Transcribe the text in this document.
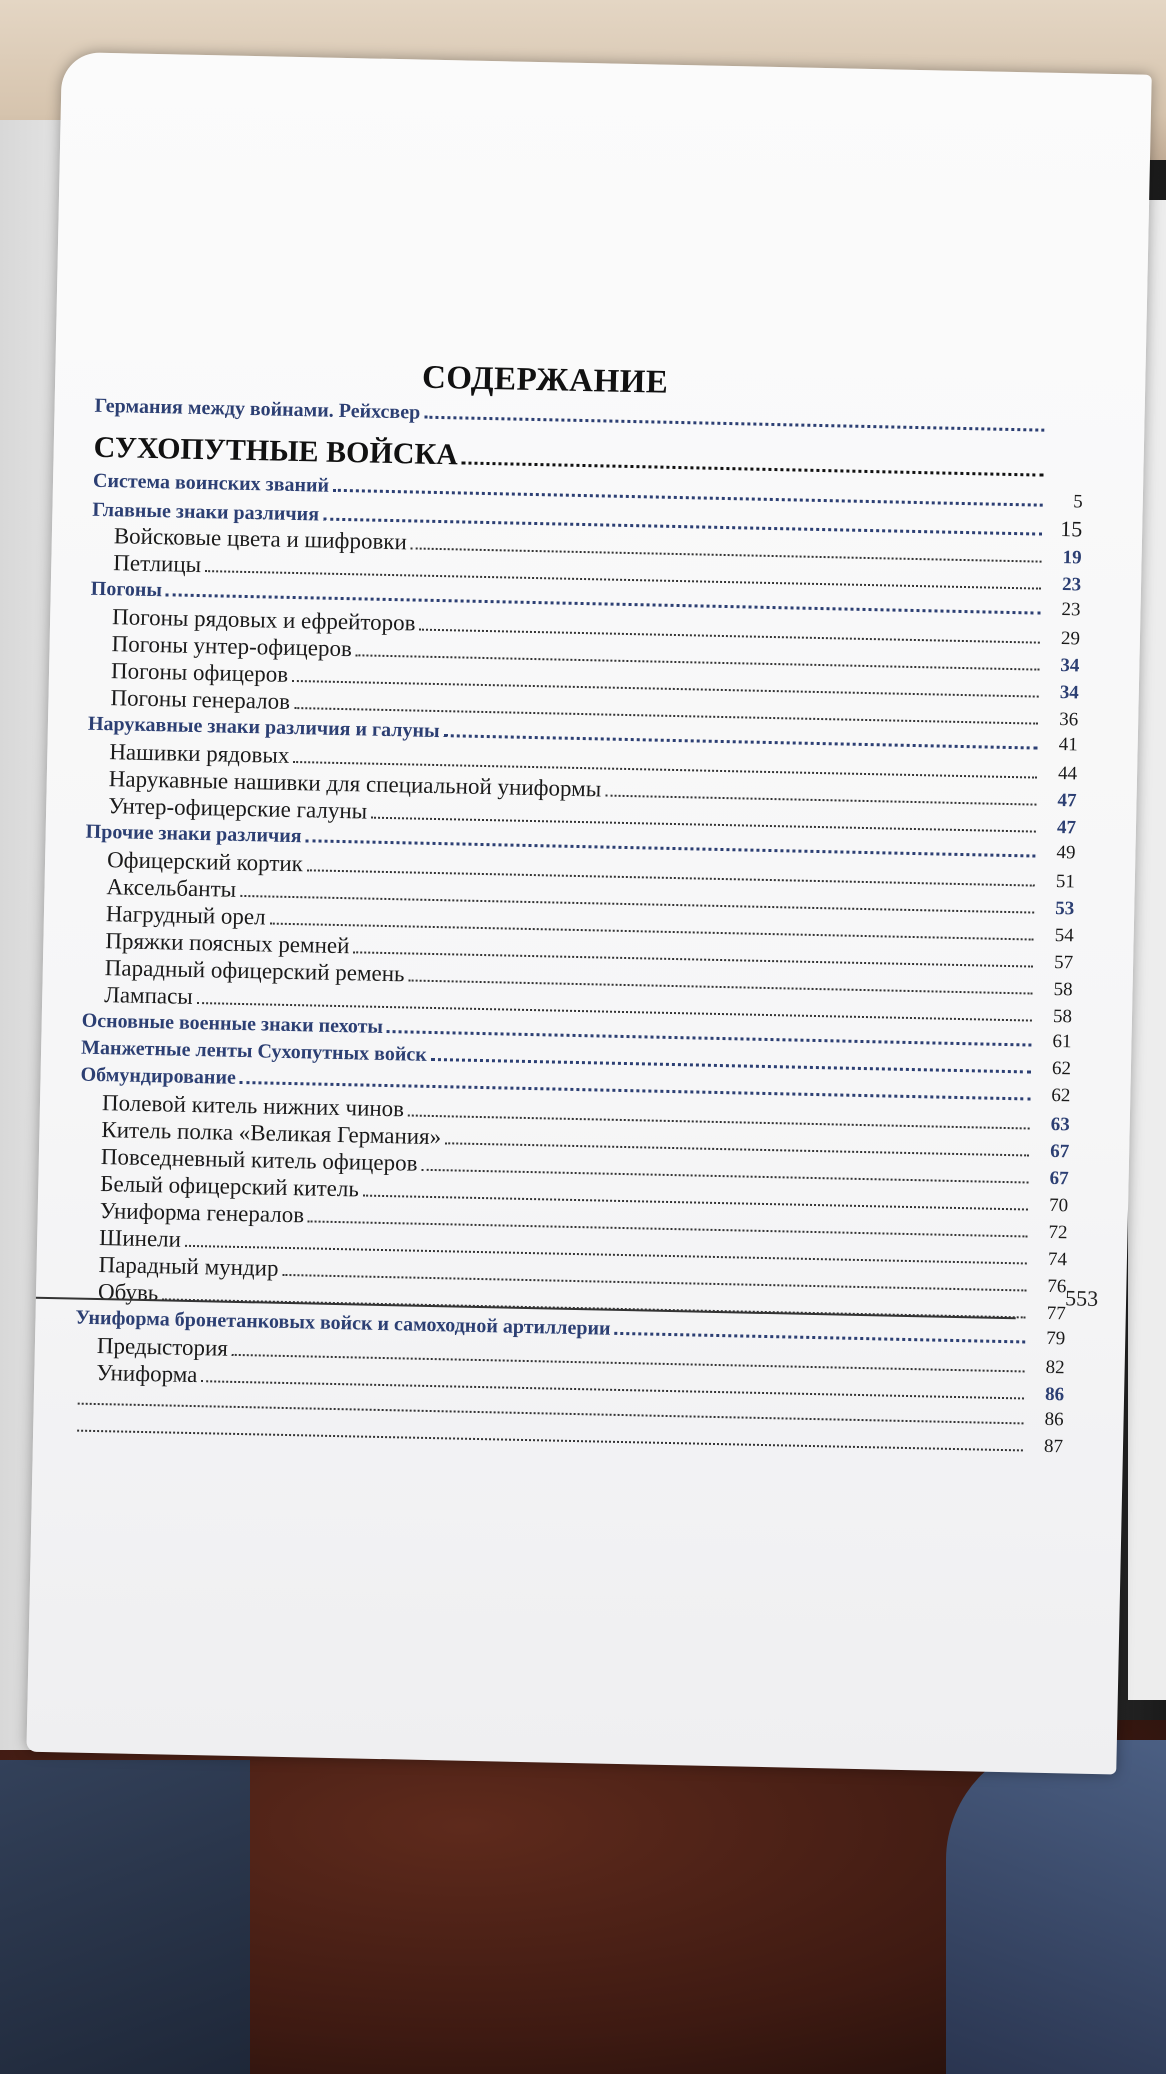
СОДЕРЖАНИЕ
Германия между войнами. Рейхсвер
СУХОПУТНЫЕ ВОЙСКА
Система воинских званий
5
Главные знаки различия
15
Войсковые цвета и шифровки
19
Петлицы
23
Погоны
23
Погоны рядовых и ефрейторов
29
Погоны унтер-офицеров
34
Погоны офицеров
34
Погоны генералов
36
Нарукавные знаки различия и галуны
41
Нашивки рядовых
44
Нарукавные нашивки для специальной униформы	47
Унтер-офицерские галуны
47
Прочие знаки различия
49
Офицерский кортик
51
Аксельбанты
53
Нагрудный орел
54
Пряжки поясных ремней
57
Парадный офицерский ремень
58
Лампасы
58
Основные военные знаки пехоты
61
Манжетные ленты Сухопутных войск
62
Обмундирование
62
Полевой китель нижних чинов
63
Китель полка «Великая Германия»
67
Повседневный китель офицеров
67
Белый офицерский китель
70
Униформа генералов
72
Шинели
74
Парадный мундир
76
Обувь
77
Униформа бронетанковых войск и самоходной артиллерии	79
Предыстория
82
Униформа
86
86
87
553
